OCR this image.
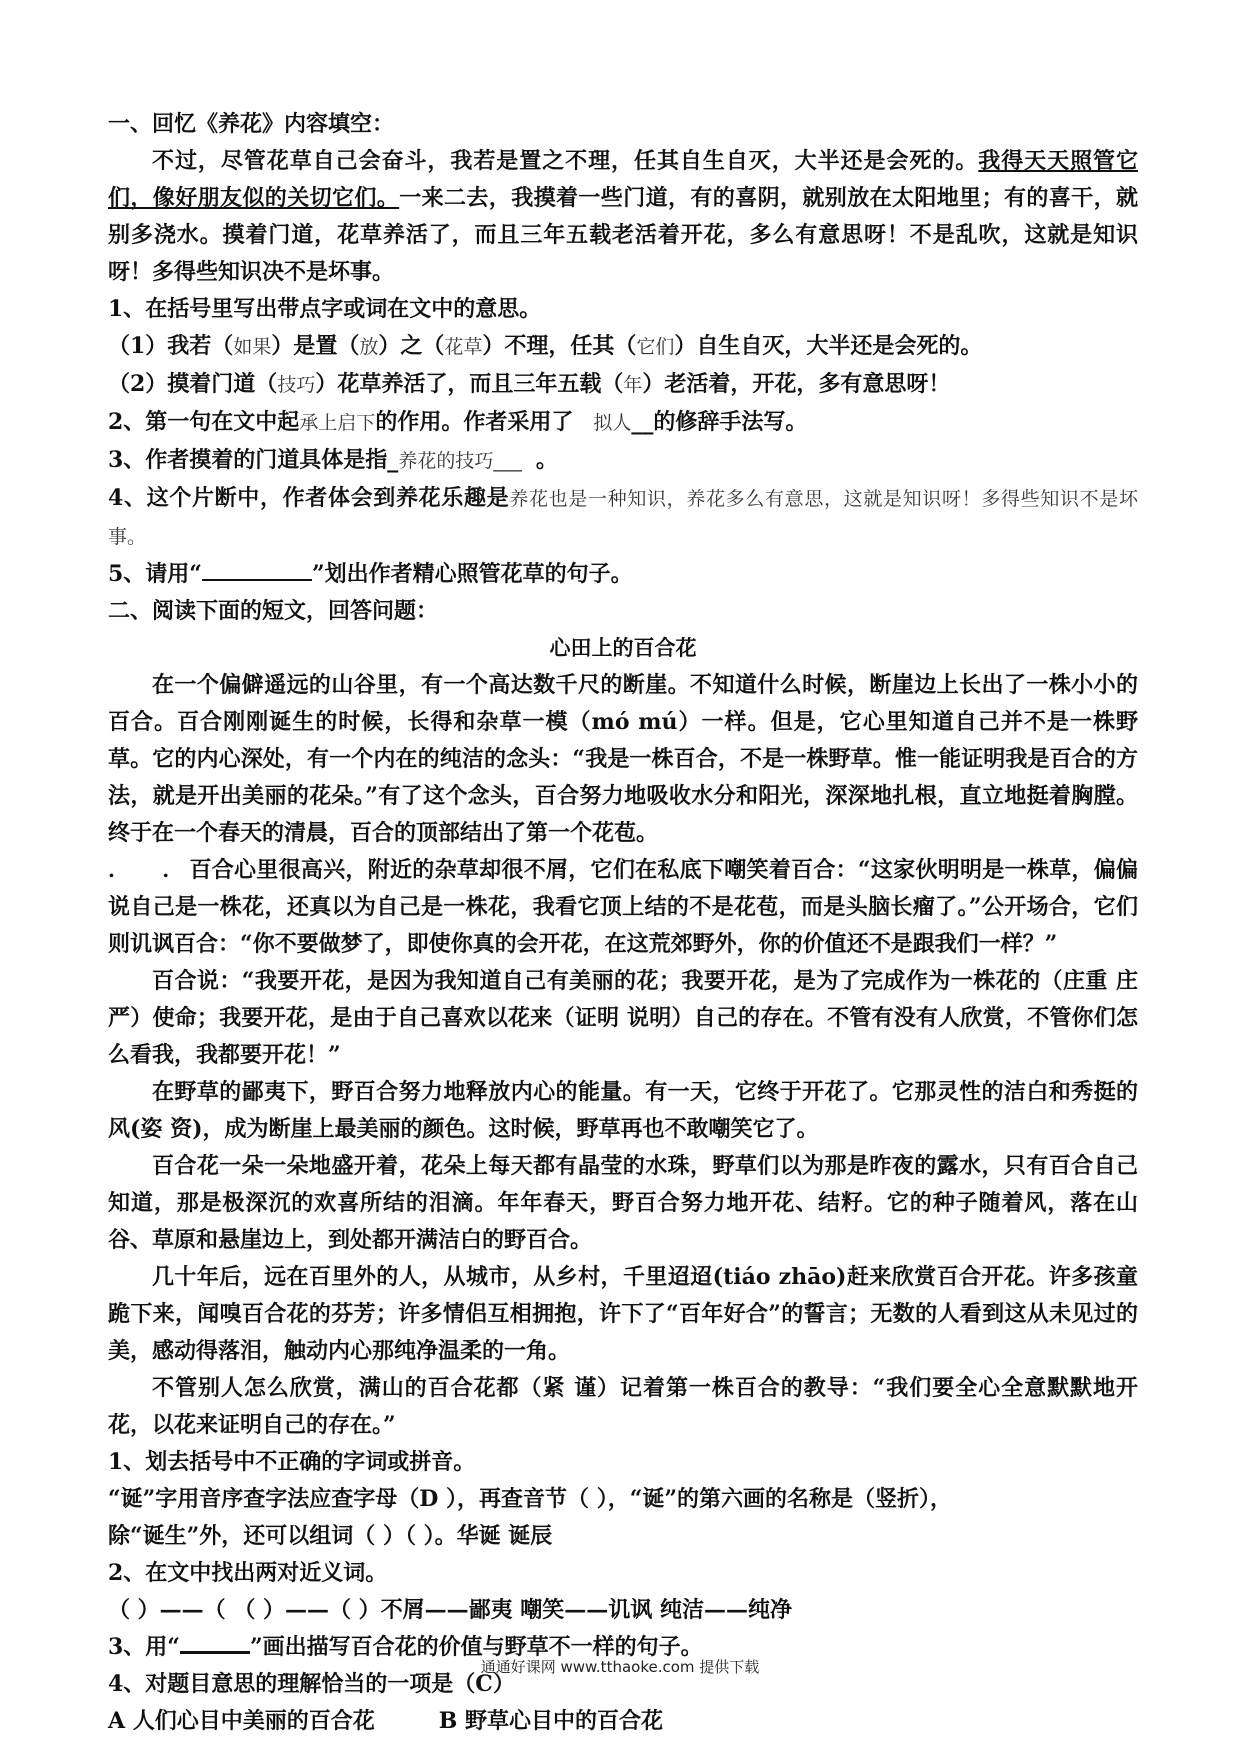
一、回忆《养花》内容填空：
不过，尽管花草自己会奋斗，我若是置之不理，任其自生自灭，大半还是会死的。我得天天照管它们，像好朋友似的关切它们。一来二去，我摸着一些门道，有的喜阴，就别放在太阳地里；有的喜干，就别多浇水。摸着门道，花草养活了，而且三年五载老活着开花，多么有意思呀！不是乱吹，这就是知识呀！多得些知识决不是坏事。
1、在括号里写出带点字或词在文中的意思。
（1）我若（如果）是置（放）之（花草）不理，任其（它们）自生自灭，大半还是会死的。
（2）摸着门道（技巧）花草养活了，而且三年五载（年）老活着，开花，多有意思呀！
2、第一句在文中起承上启下的作用。作者采用了 拟人__的修辞手法写。
3、作者摸着的门道具体是指_养花的技巧___ 。
4、这个片断中，作者体会到养花乐趣是养花也是一种知识，养花多么有意思，这就是知识呀！多得些知识不是坏事。
5、请用“	”划出作者精心照管花草的句子。
二、阅读下面的短文，回答问题：
心田上的百合花
在一个偏僻遥远的山谷里，有一个高达数千尺的断崖。不知道什么时候，断崖边上长出了一株小小的百合。百合刚刚诞生的时候，长得和杂草一模（mó mú）一样。但是，它心里知道自己并不是一株野草。它的内心深处，有一个内在的纯洁的念头：“我是一株百合，不是一株野草。惟一能证明我是百合的方法，就是开出美丽的花朵。”有了这个念头，百合努力地吸收水分和阳光，深深地扎根，直立地挺着胸膛。终于在一个春天的清晨，百合的顶部结出了第一个花苞。
. .百合心里很高兴，附近的杂草却很不屑，它们在私底下嘲笑着百合：“这家伙明明是一株草，偏偏说自己是一株花，还真以为自己是一株花，我看它顶上结的不是花苞，而是头脑长瘤了。”公开场合，它们则讥讽百合：“你不要做梦了，即使你真的会开花，在这荒郊野外，你的价值还不是跟我们一样？”
百合说：“我要开花，是因为我知道自己有美丽的花；我要开花，是为了完成作为一株花的（庄重 庄严）使命；我要开花，是由于自己喜欢以花来（证明 说明）自己的存在。不管有没有人欣赏，不管你们怎么看我，我都要开花！”
在野草的鄙夷下，野百合努力地释放内心的能量。有一天，它终于开花了。它那灵性的洁白和秀挺的风(姿 资)，成为断崖上最美丽的颜色。这时候，野草再也不敢嘲笑它了。
百合花一朵一朵地盛开着，花朵上每天都有晶莹的水珠，野草们以为那是昨夜的露水，只有百合自己知道，那是极深沉的欢喜所结的泪滴。年年春天，野百合努力地开花、结籽。它的种子随着风，落在山谷、草原和悬崖边上，到处都开满洁白的野百合。
几十年后，远在百里外的人，从城市，从乡村，千里迢迢(tiáo zhāo)赶来欣赏百合开花。许多孩童跪下来，闻嗅百合花的芬芳；许多情侣互相拥抱，许下了“百年好合”的誓言；无数的人看到这从未见过的美，感动得落泪，触动内心那纯净温柔的一角。
不管别人怎么欣赏，满山的百合花都（紧 谨）记着第一株百合的教导：“我们要全心全意默默地开花，以花来证明自己的存在。”
1、划去括号中不正确的字词或拼音。
“诞”字用音序查字法应查字母（D ），再查音节（ ），“诞”的第六画的名称是（竖折），
除“诞生”外，还可以组词（ ）（ ）。华诞 诞辰
2、在文中找出两对近义词。
（ ）——（ （ ）——（ ）不屑——鄙夷 嘲笑——讥讽 纯洁——纯净
3、用“	”画出描写百合花的价值与野草不一样的句子。
4、对题目意思的理解恰当的一项是（C）
A 人们心目中美丽的百合花	B 野草心目中的百合花
通通好课网 www.tthaoke.com 提供下载
